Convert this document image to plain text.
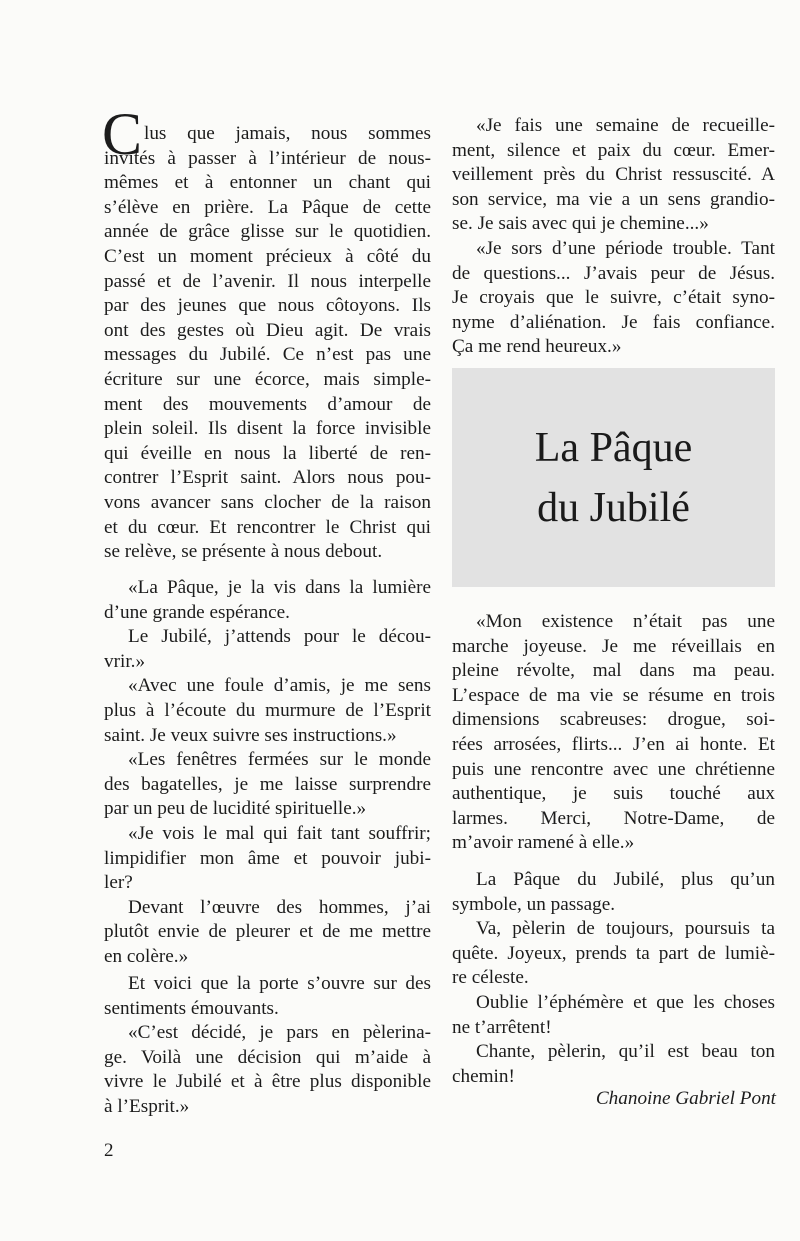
C lus que jamais, nous sommes

invités à passer à l’intérieur de nous-

mêmes et à entonner un chant qui

s’élève en prière. La Pâque de cette

année de grâce glisse sur le quotidien.

C’est un moment précieux à côté du

passé et de l’avenir. Il nous interpelle

par des jeunes que nous côtoyons. Ils

ont des gestes où Dieu agit. De vrais

messages du Jubilé. Ce n’est pas une

écriture sur une écorce, mais simple-

ment des mouvements d’amour de

plein soleil. Ils disent la force invisible

qui éveille en nous la liberté de ren-

contrer l’Esprit saint. Alors nous pou-

vons avancer sans clocher de la raison

et du cœur. Et rencontrer le Christ qui

se relève, se présente à nous debout.

«La Pâque, je la vis dans la lumière

d’une grande espérance.

Le Jubilé, j’attends pour le décou-

vrir.»

«Avec une foule d’amis, je me sens

plus à l’écoute du murmure de l’Esprit

saint. Je veux suivre ses instructions.»

«Les fenêtres fermées sur le monde

des bagatelles, je me laisse surprendre

par un peu de lucidité spirituelle.»

«Je vois le mal qui fait tant souffrir;

limpidifier mon âme et pouvoir jubi-

ler?

Devant l’œuvre des hommes, j’ai

plutôt envie de pleurer et de me mettre

en colère.»

Et voici que la porte s’ouvre sur des

sentiments émouvants.

«C’est décidé, je pars en pèlerina-

ge. Voilà une décision qui m’aide à

vivre le Jubilé et à être plus disponible

à l’Esprit.»

«Je fais une semaine de recueille-

ment, silence et paix du cœur. Emer-

veillement près du Christ ressuscité. A

son service, ma vie a un sens grandio-

se. Je sais avec qui je chemine...»

«Je sors d’une période trouble. Tant

de questions... J’avais peur de Jésus.

Je croyais que le suivre, c’était syno-

nyme d’aliénation. Je fais confiance.

Ça me rend heureux.»

«Mon existence n’était pas une

marche joyeuse. Je me réveillais en

pleine révolte, mal dans ma peau.

L’espace de ma vie se résume en trois

dimensions scabreuses: drogue, soi-

rées arrosées, flirts... J’en ai honte. Et

puis une rencontre avec une chrétienne

authentique, je suis touché aux

larmes. Merci, Notre-Dame, de

m’avoir ramené à elle.»

La Pâque du Jubilé, plus qu’un

symbole, un passage.

Va, pèlerin de toujours, poursuis ta

quête. Joyeux, prends ta part de lumiè-

re céleste.

Oublie l’éphémère et que les choses

ne t’arrêtent!

Chante, pèlerin, qu’il est beau ton

chemin!

La Pâque
du Jubilé
Chanoine Gabriel Pont
2
